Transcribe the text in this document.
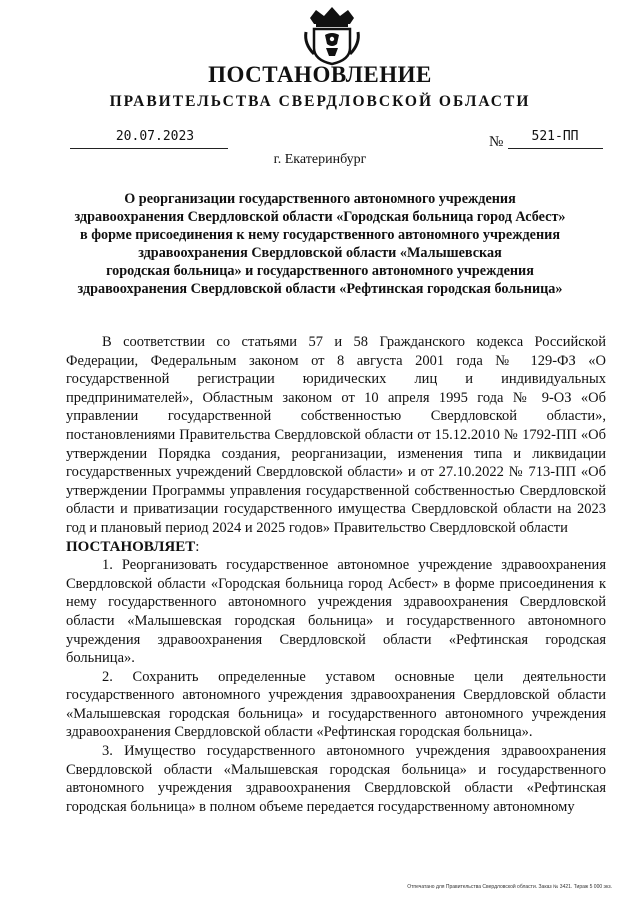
ПОСТАНОВЛЕНИЕ
ПРАВИТЕЛЬСТВА СВЕРДЛОВСКОЙ ОБЛАСТИ
20.07.2023	№	521-ПП
г. Екатеринбург
О реорганизации государственного автономного учреждения
здравоохранения Свердловской области «Городская больница город Асбест»
в форме присоединения к нему государственного автономного учреждения
здравоохранения Свердловской области «Малышевская
городская больница» и государственного автономного учреждения
здравоохранения Свердловской области «Рефтинская городская больница»

В соответствии со статьями 57 и 58 Гражданского кодекса Российской Федерации, Федеральным законом от 8 августа 2001 года № 129-ФЗ «О государственной регистрации юридических лиц и индивидуальных предпринимателей», Областным законом от 10 апреля 1995 года № 9-ОЗ «Об управлении государственной собственностью Свердловской области», постановлениями Правительства Свердловской области от 15.12.2010 № 1792-ПП «Об утверждении Порядка создания, реорганизации, изменения типа и ликвидации государственных учреждений Свердловской области» и от 27.10.2022 № 713-ПП «Об утверждении Программы управления государственной собственностью Свердловской области и приватизации государственного имущества Свердловской области на 2023 год и плановый период 2024 и 2025 годов» Правительство Свердловской области

ПОСТАНОВЛЯЕТ:

1. Реорганизовать государственное автономное учреждение здравоохранения Свердловской области «Городская больница город Асбест» в форме присоединения к нему государственного автономного учреждения здравоохранения Свердловской области «Малышевская городская больница» и государственного автономного учреждения здравоохранения Свердловской области «Рефтинская городская больница».

2. Сохранить определенные уставом основные цели деятельности государственного автономного учреждения здравоохранения Свердловской области «Малышевская городская больница» и государственного автономного учреждения здравоохранения Свердловской области «Рефтинская городская больница».

3. Имущество государственного автономного учреждения здравоохранения Свердловской области «Малышевская городская больница» и государственного автономного учреждения здравоохранения Свердловской области «Рефтинская городская больница» в полном объеме передается государственному автономному

Отпечатано для Правительства Свердловской области. Заказ № 3421. Тираж 5 000 экз.
